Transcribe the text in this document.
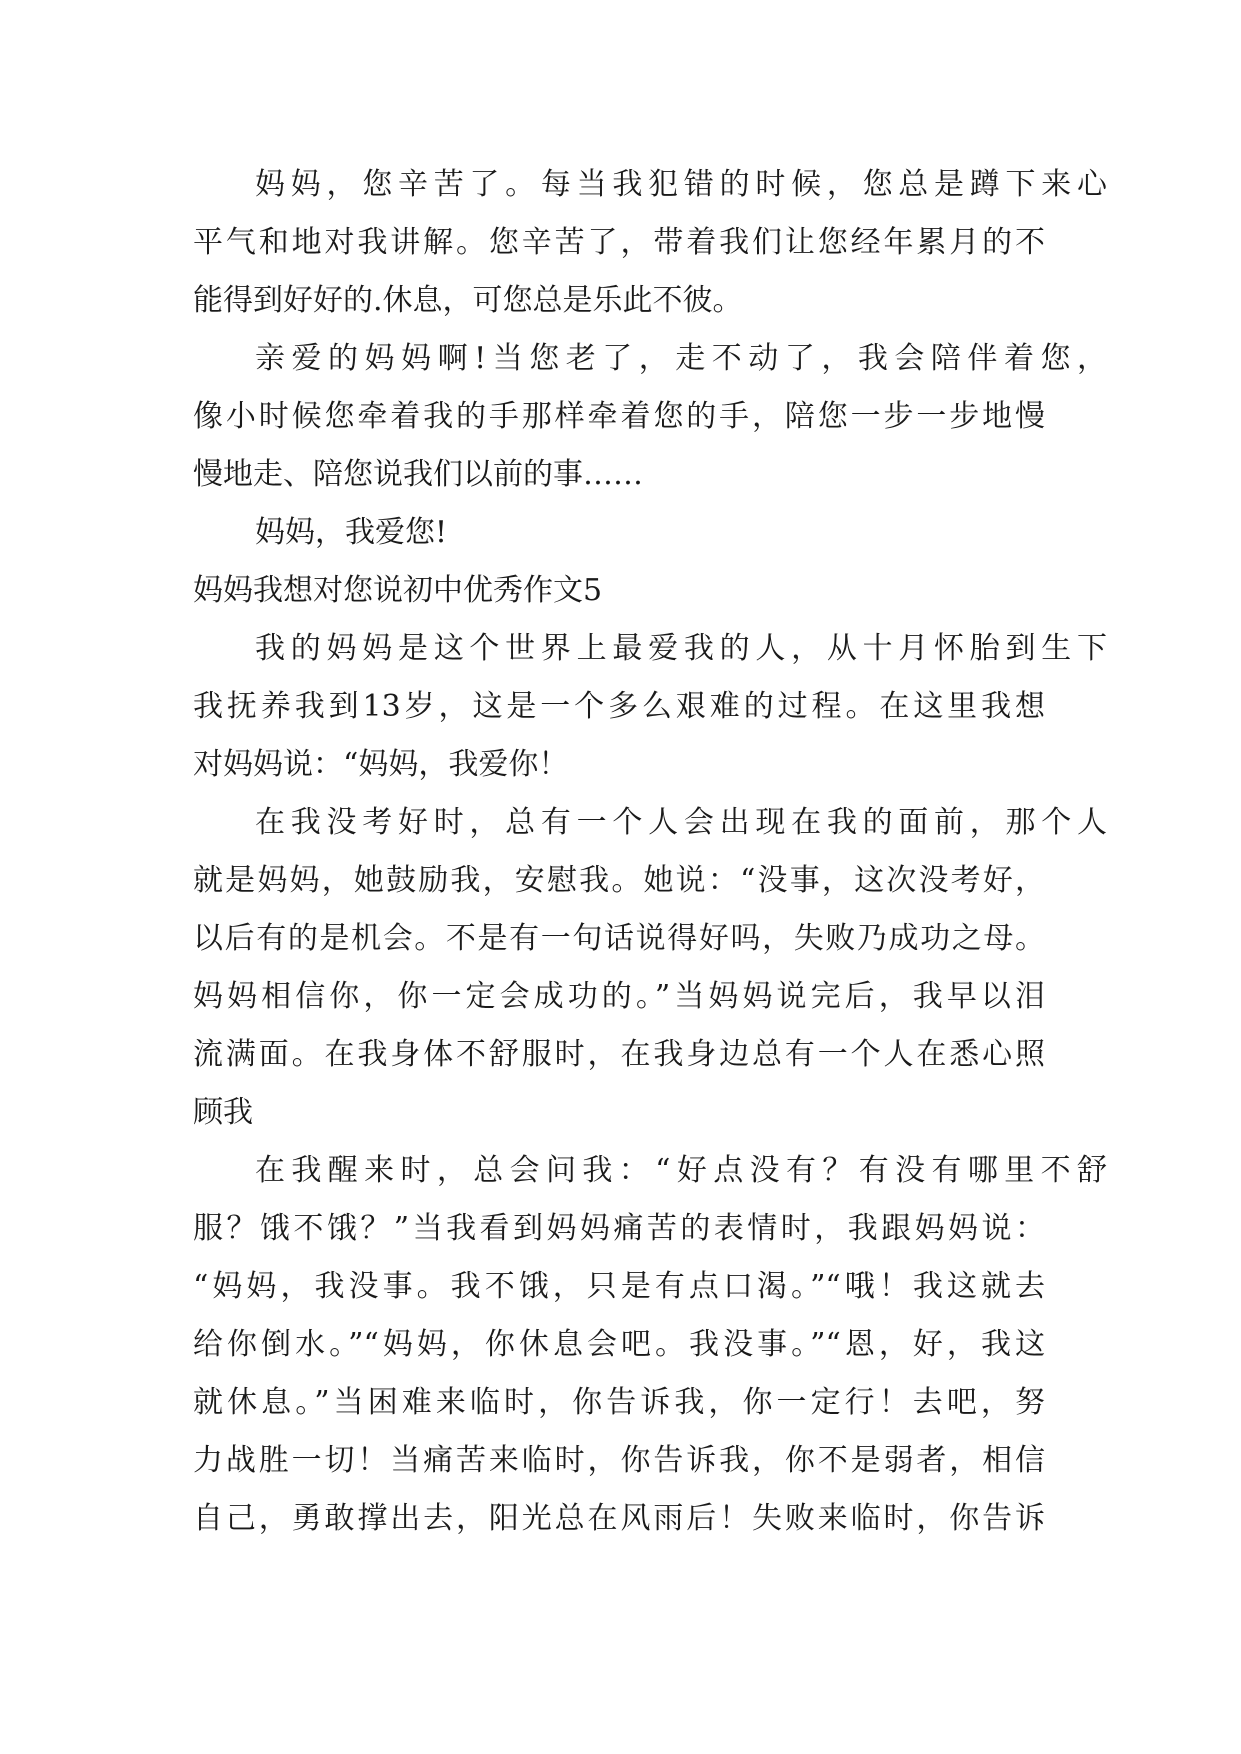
妈妈，您辛苦了。每当我犯错的时候，您总是蹲下来心
平气和地对我讲解。您辛苦了，带着我们让您经年累月的不
能得到好好的.休息，可您总是乐此不彼。
亲爱的妈妈啊!当您老了，走不动了，我会陪伴着您，
像小时候您牵着我的手那样牵着您的手，陪您一步一步地慢
慢地走、陪您说我们以前的事……
妈妈，我爱您!
妈妈我想对您说初中优秀作文5
我的妈妈是这个世界上最爱我的人，从十月怀胎到生下
我抚养我到13岁，这是一个多么艰难的过程。在这里我想
对妈妈说：“妈妈，我爱你！
在我没考好时，总有一个人会出现在我的面前，那个人
就是妈妈，她鼓励我，安慰我。她说：“没事，这次没考好，
以后有的是机会。不是有一句话说得好吗，失败乃成功之母。
妈妈相信你，你一定会成功的。”当妈妈说完后，我早以泪
流满面。在我身体不舒服时，在我身边总有一个人在悉心照
顾我
在我醒来时，总会问我：“好点没有？有没有哪里不舒
服？饿不饿？”当我看到妈妈痛苦的表情时，我跟妈妈说：
“妈妈，我没事。我不饿，只是有点口渴。”“哦！我这就去
给你倒水。”“妈妈，你休息会吧。我没事。”“恩，好，我这
就休息。”当困难来临时，你告诉我，你一定行！去吧，努
力战胜一切！当痛苦来临时，你告诉我，你不是弱者，相信
自己，勇敢撑出去，阳光总在风雨后！失败来临时，你告诉
